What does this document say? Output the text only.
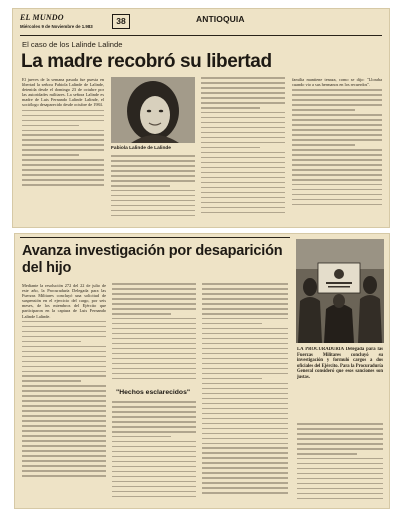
EL MUNDO
Miércoles 9 de Noviembre de 1.983
38	ANTIOQUIA
El caso de los Lalinde Lalinde
La madre recobró su libertad
El jueves de la semana pasada fue puesta en libertad la señora Fabiola Lalinde de Lalinde, detenida desde el domingo 23 de octubre por las autoridades militares. La señora Lalinde es madre de Luis Fernando Lalinde Lalinde, el sociólogo desaparecido desde octubre de 1984.
Fabiola Lalinde de Lalinde
familia mantiene tenaza, como se dijo: "Lloraba cuando vio a sus hermanos en los recuerdos".
Avanza investigación por desaparición del hijo
Mediante la resolución 272 del 22 de julio de este año, la Procuraduría Delegada para las Fuerzas Militares concluyó una solicitud de suspensión en el ejercicio del cargo, por seis meses, de los miembros del Ejército que participaron en la captura de Luis Fernando Lalinde Lalinde.
"Hechos esclarecidos"
LA PROCURADURIA Delegada para las Fuerzas Militares concluyó su investigación y formuló cargos a dos oficiales del Ejército. Para la Procuraduría General consideró que esos sanciones son justas.
